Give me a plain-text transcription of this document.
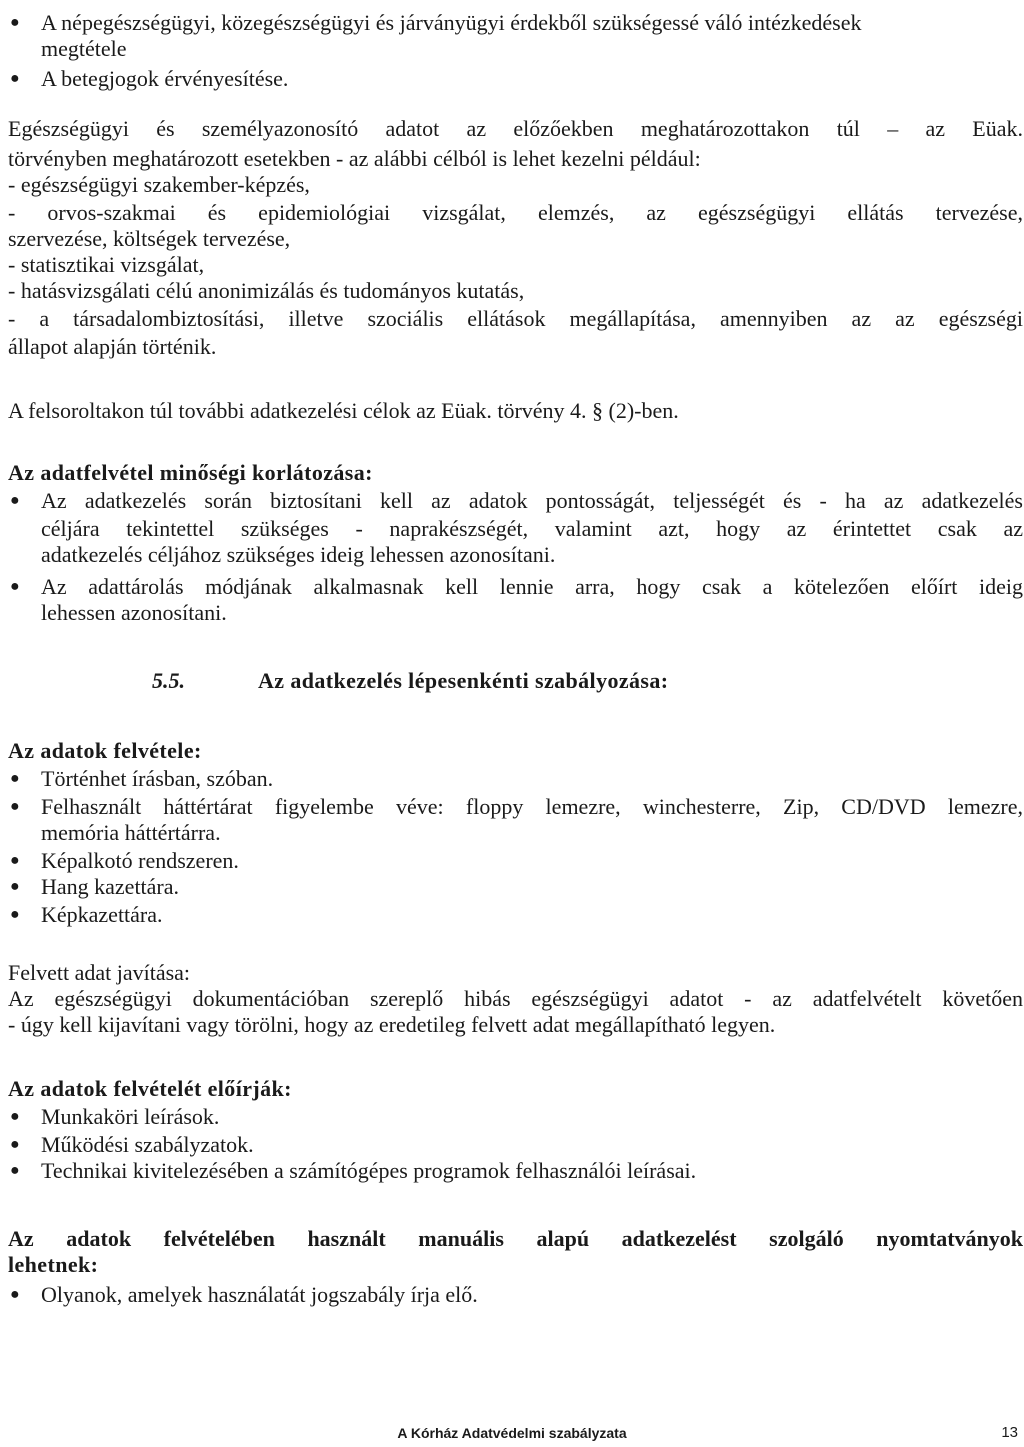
● A népegészségügyi, közegészségügyi és járványügyi érdekből szükségessé váló intézkedések
megtétele
● A betegjogok érvényesítése.
Egészségügyi és személyazonosító adatot az előzőekben meghatározottakon túl – az Eüak.
törvényben meghatározott esetekben - az alábbi célból is lehet kezelni például:
- egészségügyi szakember-képzés,
- orvos-szakmai és epidemiológiai vizsgálat, elemzés, az egészségügyi ellátás tervezése,
szervezése, költségek tervezése,
- statisztikai vizsgálat,
- hatásvizsgálati célú anonimizálás és tudományos kutatás,
- a társadalombiztosítási, illetve szociális ellátások megállapítása, amennyiben az az egészségi
állapot alapján történik.
A felsoroltakon túl további adatkezelési célok az Eüak. törvény 4. § (2)-ben.
Az adatfelvétel minőségi korlátozása:
● Az adatkezelés során biztosítani kell az adatok pontosságát, teljességét és - ha az adatkezelés
céljára tekintettel szükséges - naprakészségét, valamint azt, hogy az érintettet csak az
adatkezelés céljához szükséges ideig lehessen azonosítani.
● Az adattárolás módjának alkalmasnak kell lennie arra, hogy csak a kötelezően előírt ideig
lehessen azonosítani.
5.5.	Az adatkezelés lépesenkénti szabályozása:
Az adatok felvétele:
● Történhet írásban, szóban.
● Felhasznált háttértárat figyelembe véve: floppy lemezre, winchesterre, Zip, CD/DVD lemezre,
memória háttértárra.
● Képalkotó rendszeren.
● Hang kazettára.
● Képkazettára.
Felvett adat javítása:
Az egészségügyi dokumentációban szereplő hibás egészségügyi adatot - az adatfelvételt követően
- úgy kell kijavítani vagy törölni, hogy az eredetileg felvett adat megállapítható legyen.
Az adatok felvételét előírják:
● Munkaköri leírások.
● Működési szabályzatok.
● Technikai kivitelezésében a számítógépes programok felhasználói leírásai.
Az adatok felvételében használt manuális alapú adatkezelést szolgáló nyomtatványok
lehetnek:
● Olyanok, amelyek használatát jogszabály írja elő.
A Kórház Adatvédelmi szabályzata	13
